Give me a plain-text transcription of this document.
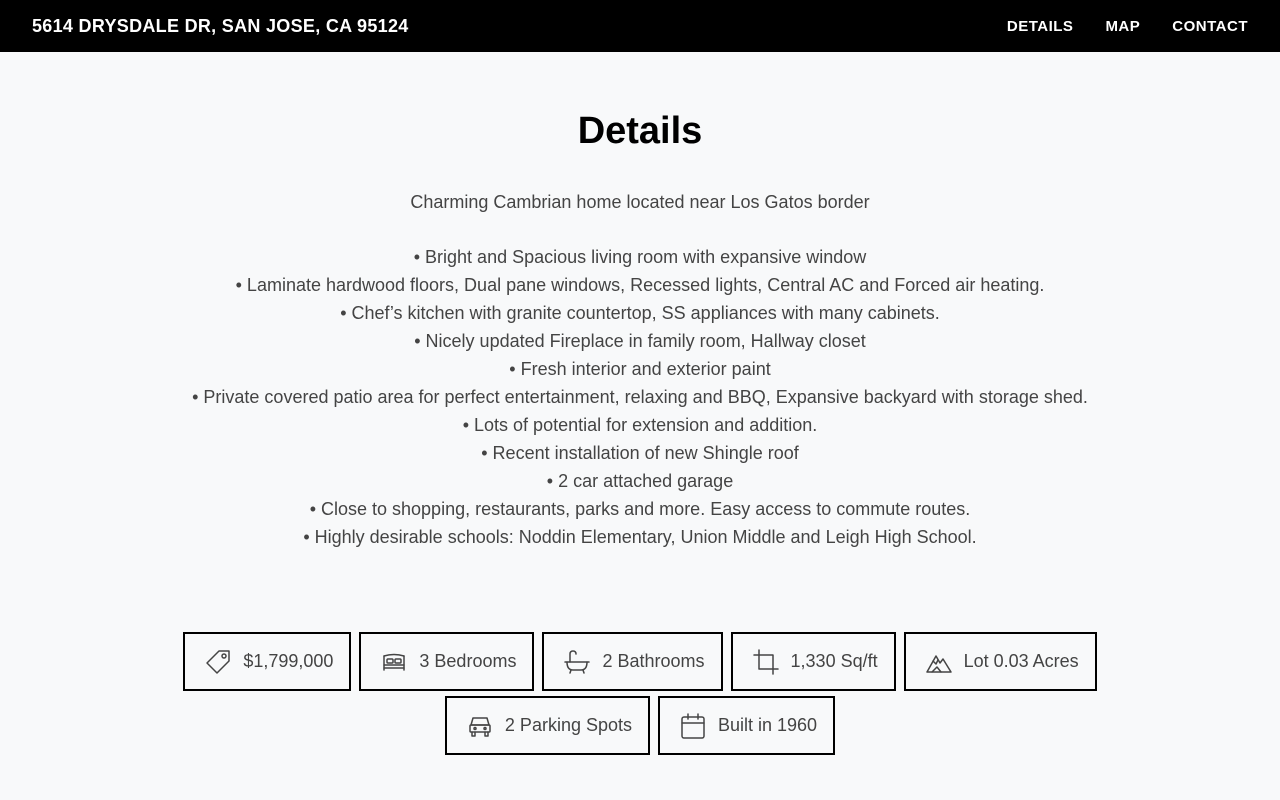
5614 DRYSDALE DR, SAN JOSE, CA 95124	DETAILS MAP CONTACT
Details

Charming Cambrian home located near Los Gatos border

• Bright and Spacious living room with expansive window
• Laminate hardwood floors, Dual pane windows, Recessed lights, Central AC and Forced air heating.
• Chef’s kitchen with granite countertop, SS appliances with many cabinets.
• Nicely updated Fireplace in family room, Hallway closet
• Fresh interior and exterior paint
• Private covered patio area for perfect entertainment, relaxing and BBQ, Expansive backyard with storage shed.
• Lots of potential for extension and addition.
• Recent installation of new Shingle roof
• 2 car attached garage
• Close to shopping, restaurants, parks and more. Easy access to commute routes.
• Highly desirable schools: Noddin Elementary, Union Middle and Leigh High School.
$1,799,000	3 Bedrooms	2 Bathrooms	1,330 Sq/ft	Lot 0.03 Acres
2 Parking Spots	Built in 1960
